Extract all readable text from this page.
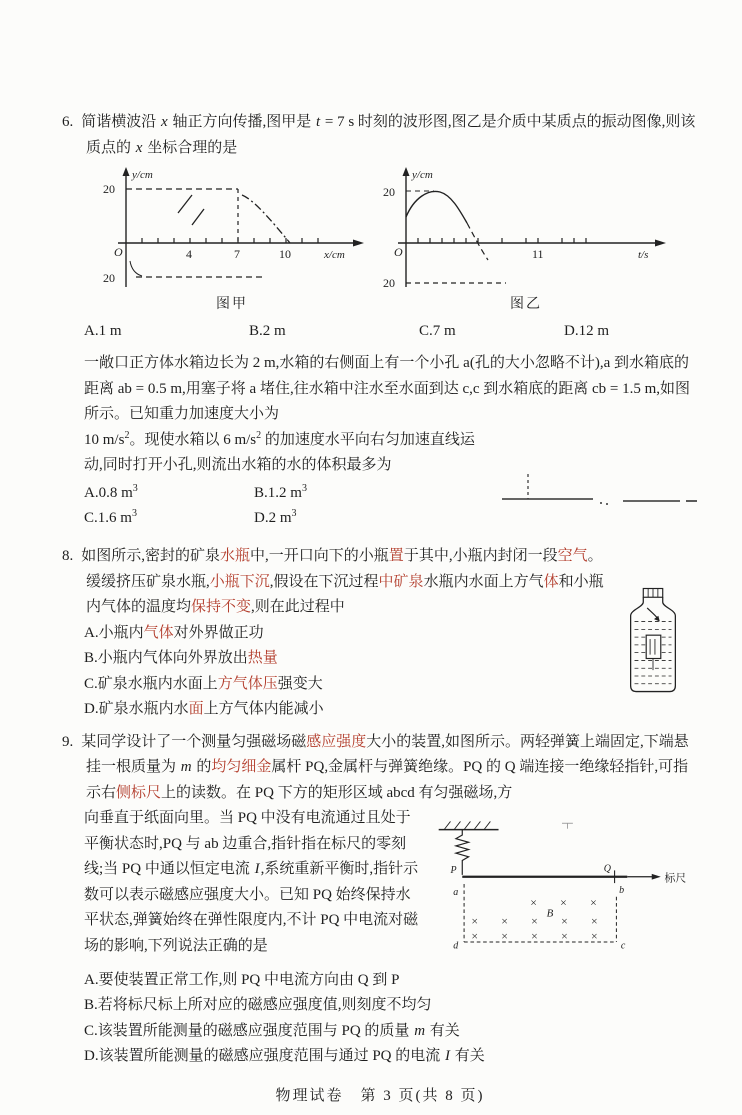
6. 简谐横波沿 x 轴正方向传播,图甲是 t = 7 s 时刻的波形图,图乙是介质中某质点的振动图像,则该质点的 x 坐标合理的是
y/cm
20
20
O	4	7	10	x/cm
图甲
y/cm
20
20
O	11	t/s
图乙
A.1 m	B.2 m	C.7 m	D.12 m
一敞口正方体水箱边长为 2 m,水箱的右侧面上有一个小孔 a(孔的大小忽略不计),a 到水箱底的距离 ab = 0.5 m,用塞子将 a 堵住,往水箱中注水至水面到达 c,c 到水箱底的距离 cb = 1.5 m,如图所示。已知重力加速度大小为
10 $m/s^2$。现使水箱以 6 $m/s^2$ 的加速度水平向右匀加速直线运动,同时打开小孔,则流出水箱的水的体积最多为
A.0.8 $m^3$	B.1.2 $m^3$
C.1.6 $m^3$	D.2 $m^3$
8. 如图所示,密封的矿泉水瓶中,一开口向下的小瓶置于其中,小瓶内封闭一段空气。缓缓挤压矿泉水瓶,小瓶下沉,假设在下沉过程中矿泉水瓶内水面上方气体和小瓶内气体的温度均保持不变,则在此过程中
A.小瓶内气体对外界做正功
B.小瓶内气体向外界放出热量
C.矿泉水瓶内水面上方气体压强变大
D.矿泉水瓶内水面上方气体内能减小
9. 某同学设计了一个测量匀强磁场磁感应强度大小的装置,如图所示。两轻弹簧上端固定,下端悬挂一根质量为 m 的均匀细金属杆 PQ,金属杆与弹簧绝缘。PQ 的 Q 端连接一绝缘轻指针,可指示右侧标尺上的读数。在 PQ 下方的矩形区域 abcd 有匀强磁场,方
向垂直于纸面向里。当 PQ 中没有电流通过且处于平衡状态时,PQ 与 ab 边重合,指针指在标尺的零刻线;当 PQ 中通以恒定电流 I,系统重新平衡时,指针示数可以表示磁感应强度大小。已知 PQ 始终保持水平状态,弹簧始终在弹性限度内,不计 PQ 中电流对磁场的影响,下列说法正确的是
× × ×
× × × × ×
× × × × ×
P	Q
a	b
c
d
B
标尺
A.要使装置正常工作,则 PQ 中电流方向由 Q 到 P
B.若将标尺标上所对应的磁感应强度值,则刻度不均匀
C.该装置所能测量的磁感应强度范围与 PQ 的质量 m 有关
D.该装置所能测量的磁感应强度范围与通过 PQ 的电流 I 有关
物理试卷　第 3 页(共 8 页)
